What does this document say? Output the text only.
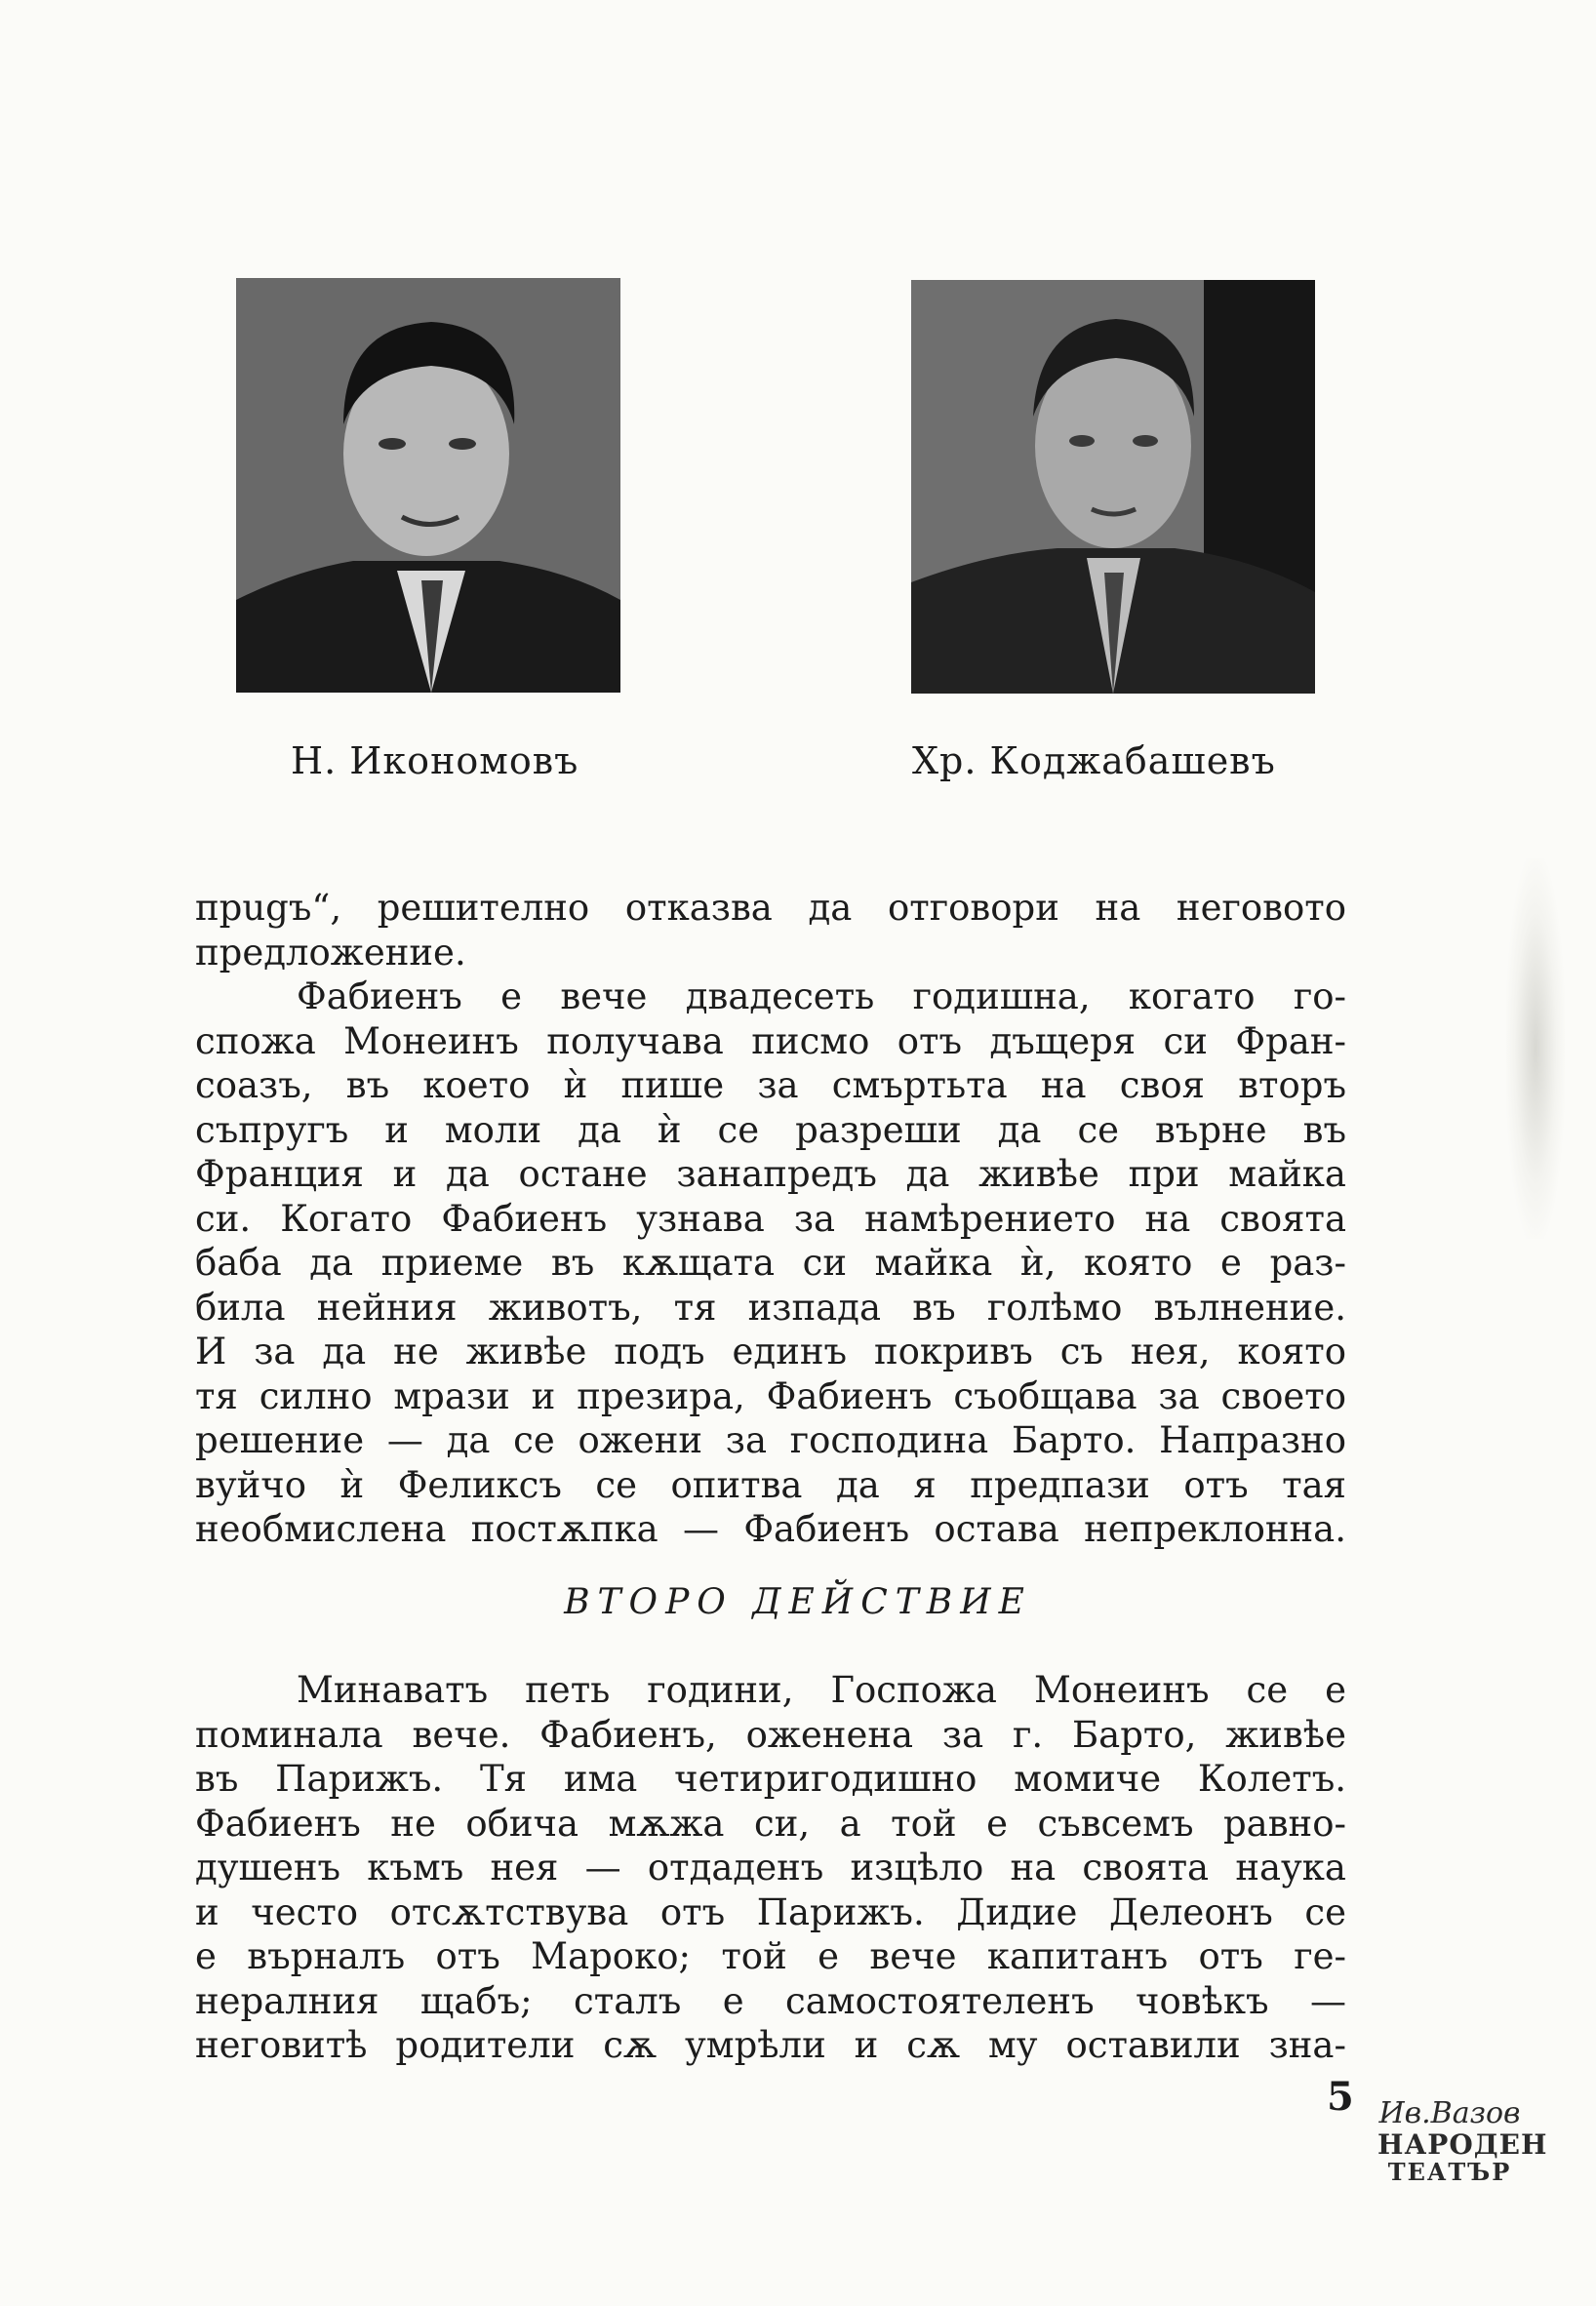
Н. Икономовъ	Хр. Коджабашевъ
прugъ“, решително отказва да отговори на неговото
предложение.
Фабиенъ е вече двадесеть годишна, когато го-
спожа Монеинъ получава писмо отъ дъщеря си Фран-
соазъ, въ което ѝ пише за смъртьта на своя вторъ
съпругъ и моли да ѝ се разреши да се върне въ
Франция и да остане занапредъ да живѣе при майка
си. Когато Фабиенъ узнава за намѣрението на своята
баба да приеме въ кѫщата си майка ѝ, която е раз-
била нейния животъ, тя изпада въ голѣмо вълнение.
И за да не живѣе подъ единъ покривъ съ нея, която
тя силно мрази и презира, Фабиенъ съобщава за своето
решение — да се ожени за господина Барто. Напразно
вуйчо ѝ Феликсъ се опитва да я предпази отъ тая
необмислена постѫпка — Фабиенъ остава непреклонна.
ВТОРО ДЕЙСТВИЕ
Минаватъ петь години, Госпожа Монеинъ се е
поминала вече. Фабиенъ, оженена за г. Барто, живѣе
въ Парижъ. Тя има четиригодишно момиче Колетъ.
Фабиенъ не обича мѫжа си, а той е съвсемъ равно-
душенъ къмъ нея — отдаденъ изцѣло на своята наука
и често отсѫтствува отъ Парижъ. Дидие Делеонъ се
е върналъ отъ Мароко; той е вече капитанъ отъ ге-
нералния щабъ; сталъ е самостоятеленъ човѣкъ —
неговитѣ родители сѫ умрѣли и сѫ му оставили зна-
5 Ив.Вазов
НАРОДЕН
ТЕАТЪР
